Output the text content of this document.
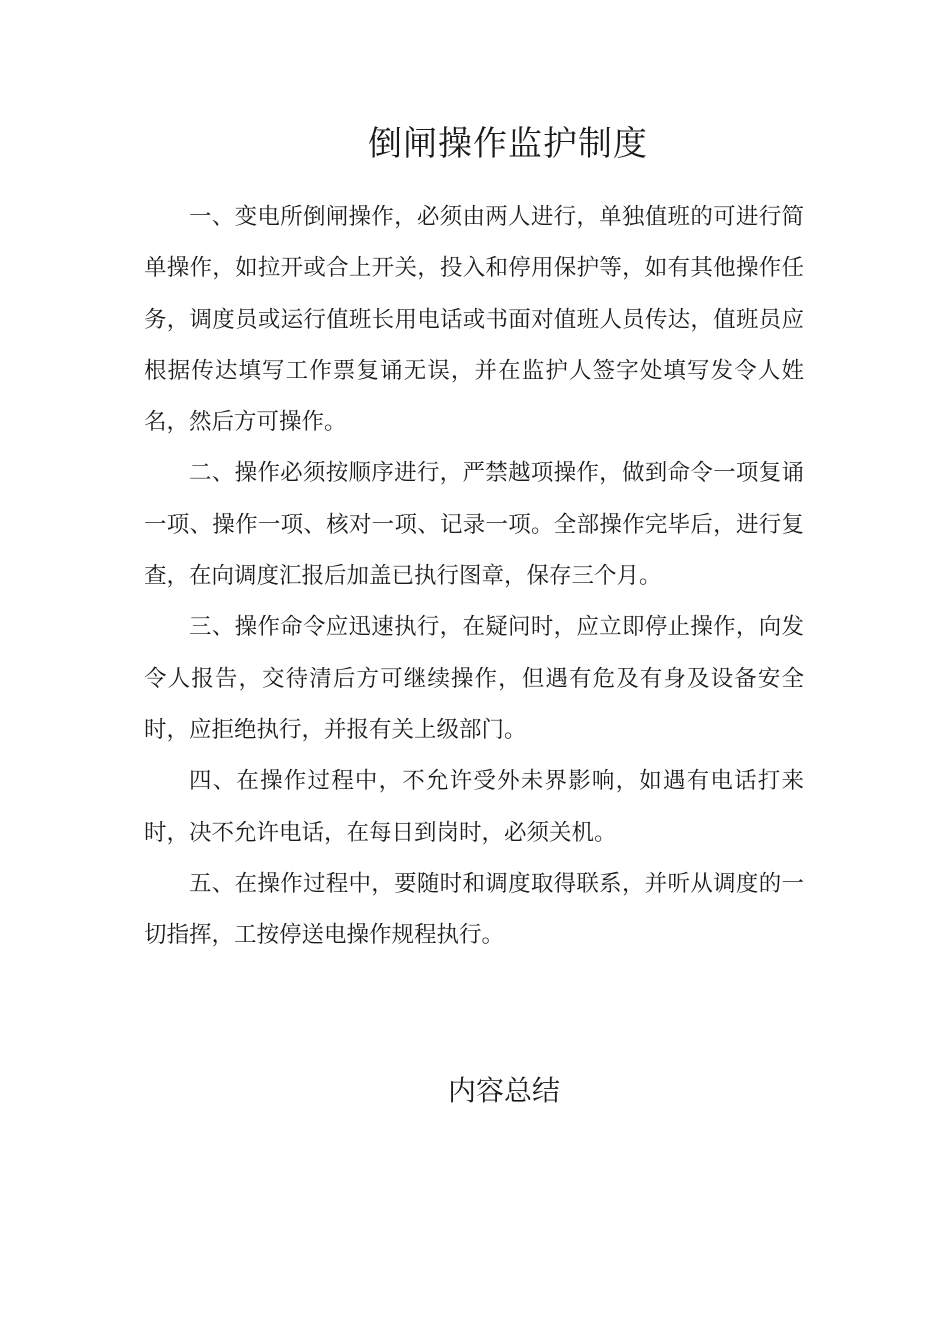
倒闸操作监护制度

一、变电所倒闸操作，必须由两人进行，单独值班的可进行简单操作，如拉开或合上开关，投入和停用保护等，如有其他操作任务，调度员或运行值班长用电话或书面对值班人员传达，值班员应根据传达填写工作票复诵无误，并在监护人签字处填写发令人姓名，然后方可操作。

二、操作必须按顺序进行，严禁越项操作，做到命令一项复诵一项、操作一项、核对一项、记录一项。全部操作完毕后，进行复查，在向调度汇报后加盖已执行图章，保存三个月。

三、操作命令应迅速执行，在疑问时，应立即停止操作，向发令人报告，交待清后方可继续操作，但遇有危及有身及设备安全时，应拒绝执行，并报有关上级部门。

四、在操作过程中，不允许受外未界影响，如遇有电话打来时，决不允许电话，在每日到岗时，必须关机。

五、在操作过程中，要随时和调度取得联系，并听从调度的一切指挥，工按停送电操作规程执行。

内容总结
